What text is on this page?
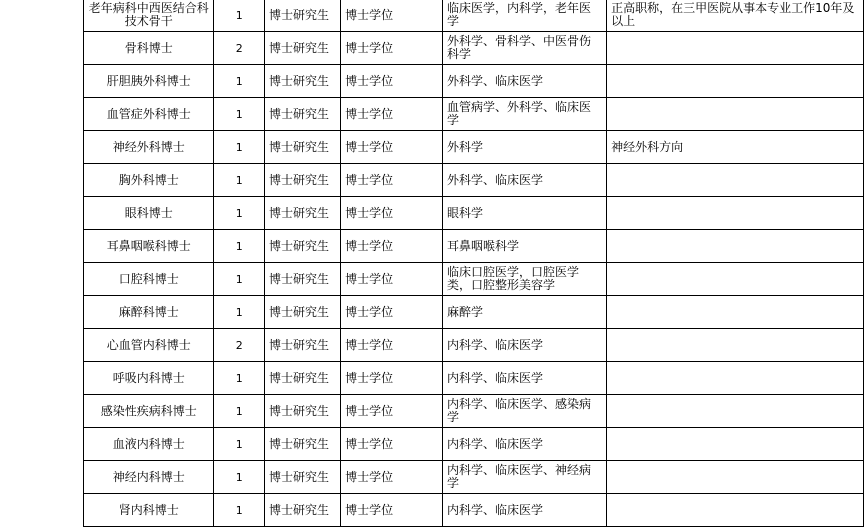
老年病科中西医结合科技术骨干	1	博士研究生	博士学位	临床医学，内科学，老年医学	正高职称，在三甲医院从事本专业工作10年及以上
骨科博士	2	博士研究生	博士学位	外科学、骨科学、中医骨伤科学	
肝胆胰外科博士	1	博士研究生	博士学位	外科学、临床医学	
血管症外科博士	1	博士研究生	博士学位	血管病学、外科学、临床医学	
神经外科博士	1	博士研究生	博士学位	外科学	神经外科方向
胸外科博士	1	博士研究生	博士学位	外科学、临床医学	
眼科博士	1	博士研究生	博士学位	眼科学	
耳鼻咽喉科博士	1	博士研究生	博士学位	耳鼻咽喉科学	
口腔科博士	1	博士研究生	博士学位	临床口腔医学，口腔医学类，口腔整形美容学	
麻醉科博士	1	博士研究生	博士学位	麻醉学	
心血管内科博士	2	博士研究生	博士学位	内科学、临床医学	
呼吸内科博士	1	博士研究生	博士学位	内科学、临床医学	
感染性疾病科博士	1	博士研究生	博士学位	内科学、临床医学、感染病学	
血液内科博士	1	博士研究生	博士学位	内科学、临床医学	
神经内科博士	1	博士研究生	博士学位	内科学、临床医学、神经病学	
肾内科博士	1	博士研究生	博士学位	内科学、临床医学	
